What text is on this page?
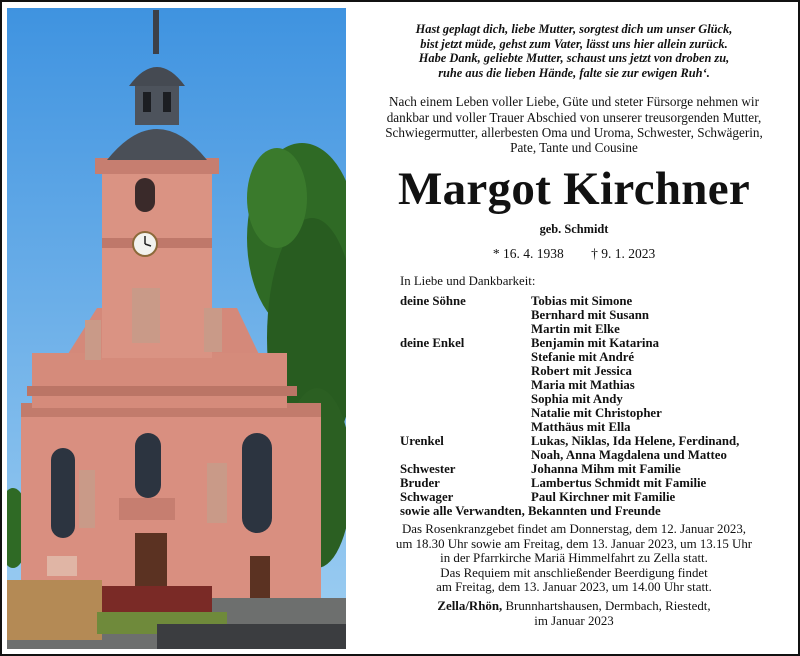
Hast geplagt dich, liebe Mutter, sorgtest dich um unser Glück,
bist jetzt müde, gehst zum Vater, lässt uns hier allein zurück.
Habe Dank, geliebte Mutter, schaust uns jetzt von droben zu,
ruhe aus die lieben Hände, falte sie zur ewigen Ruh‘.
Nach einem Leben voller Liebe, Güte und steter Fürsorge nehmen wir
dankbar und voller Trauer Abschied von unserer treusorgenden Mutter,
Schwiegermutter, allerbesten Oma und Uroma, Schwester, Schwägerin,
Pate, Tante und Cousine
Margot Kirchner
geb. Schmidt
* 16. 4. 1938 † 9. 1. 2023
In Liebe und Dankbarkeit:
deine Söhne	Tobias mit Simone
Bernhard mit Susann
Martin mit Elke
deine Enkel	Benjamin mit Katarina
Stefanie mit André
Robert mit Jessica
Maria mit Mathias
Sophia mit Andy
Natalie mit Christopher
Matthäus mit Ella
Urenkel	Lukas, Niklas, Ida Helene, Ferdinand,
Noah, Anna Magdalena und Matteo
Schwester	Johanna Mihm mit Familie
Bruder	Lambertus Schmidt mit Familie
Schwager	Paul Kirchner mit Familie
sowie alle Verwandten, Bekannten und Freunde
Das Rosenkranzgebet findet am Donnerstag, dem 12. Januar 2023,
um 18.30 Uhr sowie am Freitag, dem 13. Januar 2023, um 13.15 Uhr
in der Pfarrkirche Mariä Himmelfahrt zu Zella statt.
Das Requiem mit anschließender Beerdigung findet
am Freitag, dem 13. Januar 2023, um 14.00 Uhr statt.
Zella/Rhön, Brunnhartshausen, Dermbach, Riestedt,
im Januar 2023
